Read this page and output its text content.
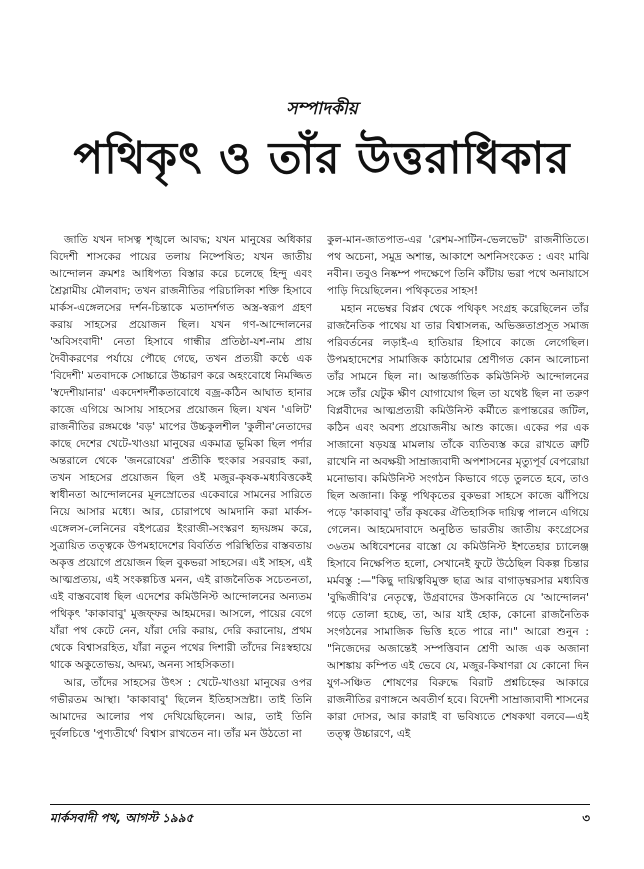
সম্পাদকীয়
পথিকৃৎ ও তাঁর উত্তরাধিকার

জাতি যখন দাসত্ব শৃঙ্খলে আবদ্ধ; যখন মানুষের অধিকার বিদেশী শাসকের পায়ের তলায় নিষ্পেষিত; যখন জাতীয় আন্দোলন ক্রমশঃ আধিপত্য বিস্তার করে চলেছে হিন্দু এবং শ্রৈস্লামীয় মৌলবাদ; তখন রাজনীতির পরিচালিকা শক্তি হিসাবে মার্কস-এঙ্গেলসের দর্শন-চিন্তাকে মতাদর্শগত অস্ত্র-স্বরূপ গ্রহণ করায় সাহসের প্রয়োজন ছিল। যখন গণ-আন্দোলনের 'অবিসংবাদী' নেতা হিসাবে গান্ধীর প্রতিষ্ঠা-যশ-নাম প্রায় দৈবীকরণের পর্যায়ে পৌছে গেছে, তখন প্রত্যয়ী কণ্ঠে এক 'বিদেশী' মতবাদকে সোচ্চারে উচ্চারণ করে অহংবোধে নিমজ্জিত 'স্বদেশীয়ানার' একদেশদর্শীকতাবোধে বজ্র-কঠিন আঘাত হানার কাজে এগিয়ে আসায় সাহসের প্রয়োজন ছিল। যখন 'এলিট' রাজনীতির রঙ্গমঞ্চে 'বড়' মাপের উচ্চকুলশীল 'কুলীন'নেতাদের কাছে দেশের খেটে-খাওয়া মানুষের একমাত্র ভূমিকা ছিল পর্দার অন্তরালে থেকে 'জনরোষের' প্রতীকি হুংকার সরবরাহ করা, তখন সাহসের প্রয়োজন ছিল ওই মজুর-কৃষক-মধ্যবিত্তকেই স্বাধীনতা আন্দোলনের মূলস্রোতের একেবারে সামনের সারিতে নিয়ে আসার মধ্যে। আর, চোরাপথে আমদানি করা মার্কস-এঙ্গেলস-লেনিনের বইপত্রের ইংরাজী-সংস্করণ হৃদয়ঙ্গম করে, সুত্রায়িত তত্ত্বকে উপমহাদেশের বিবর্তিত পরিস্থিতির বাস্তবতায় অকৃত্ত প্রয়োগে প্রয়োজন ছিল বুকভরা সাহসের। এই সাহস, এই আত্মপ্রত্যয়, এই সংকল্পচিত্ত মনন, এই রাজনৈতিক সচেতনতা, এই বাস্তববোধ ছিল এদেশের কমিউনিস্ট আন্দোলনের অন্যতম পথিকৃৎ 'কাকাবাবু' মুজফ্ফর আহমদের। আসলে, পায়ের বেগে যাঁরা পথ কেটে নেন, যাঁরা দেরি করায়, দেরি করানোয়, প্রথম থেকে বিশ্বাসরহিত, যাঁরা নতুন পথের দিশারী তাঁদের নিঃস্বহায়ে থাকে অকুতোভয়, অদম্য, অনন্য সাহসিকতা।

আর, তাঁদের সাহসের উৎস : খেটে-খাওয়া মানুষের ওপর গভীরতম আস্থা। 'কাকাবাবু' ছিলেন ইতিহাসস্রষ্টা। তাই তিনি আমাদের আলোর পথ দেখিয়েছিলেন। আর, তাই তিনি দুর্বলচিত্তে 'পুণ্যতীর্থে' বিশ্বাস রাখতেন না। তাঁর মন উঠতো না

কুল-মান-জাতপাত-এর 'রেশম-সাটিন-ভেলভেট' রাজনীতিতে। পথ অচেনা, সমুদ্র অশান্ত, আকাশে অশনিসংকেত : এবং মাঝি নবীন। তবুও নিষ্কম্প পদক্ষেপে তিনি কাঁটায় ভরা পথে অনায়াসে পাড়ি দিয়েছিলেন। পথিকৃতের সাহস!

মহান নভেম্বর বিপ্লব থেকে পথিকৃৎ সংগ্রহ করেছিলেন তাঁর রাজনৈতিক পাথেয় যা তার বিশ্বাসলব্ধ, অভিজ্ঞতাপ্রসূত সমাজ পরিবর্তনের লড়াই-এ হাতিয়ার হিসাবে কাজে লেগেছিল। উপমহাদেশের সামাজিক কাঠামোর শ্রেণীগত কোন আলোচনা তাঁর সামনে ছিল না। আন্তর্জাতিক কমিউনিস্ট আন্দোলনের সঙ্গে তাঁর যেটুক ক্ষীণ যোগাযোগ ছিল তা যথেষ্ট ছিল না তরুণ বিপ্লবীদের আত্মপ্রত্যয়ী কমিউনিস্ট কর্মীতে রূপান্তরের জটিল, কঠিন এবং অবশ্য প্রয়োজনীয় আশু কাজে। একের পর এক সাজানো ষড়যন্ত্র মামলায় তাঁকে ব্যতিব্যস্ত করে রাখতে ত্রুটি রাখেনি না অবক্ষয়ী সাম্রাজ্যবাদী অপশাসনের মৃত্যুপূর্ব বেপরোয়া মনোভাব। কমিউনিস্ট সংগঠন কিভাবে গড়ে তুলতে হবে, তাও ছিল অজানা। কিন্তু পথিকৃতের বুকভরা সাহসে কাজে ঝাঁপিয়ে পড়ে 'কাকাবাবু' তাঁর কৃষকের ঐতিহাসিক দায়িত্ব পালনে এগিয়ে গেলেন। আহমেদাবাদে অনুষ্ঠিত ভারতীয় জাতীয় কংগ্রেসের ৩৬তম অধিবেশনের বাস্তো যে কমিউনিস্ট ইশতেহার চ্যালেঞ্জ হিসাবে নিক্ষেপিত হলো, সেখানেই ফুটে উঠেছিল বিকল্প চিন্তার মর্মবস্তু :—"কিছু দায়িত্ববিমুক্ত ছাত্র আর বাগাড়ম্বরসার মধ্যবিত্ত 'বুদ্ধিজীবি'র নেতৃত্বে, উগ্রবাদের উসকানিতে যে 'আন্দোলন' গড়ে তোলা হচ্ছে, তা, আর যাই হোক, কোনো রাজনৈতিক সংগঠনের সামাজিক ভিত্তি হতে পারে না।" আরো শুনুন : "নিজেদের অজান্তেই সম্পত্তিবান শ্রেণী আজ এক অজানা আশঙ্কায় কম্পিত এই ভেবে যে, মজুর-কিষাণরা যে কোনো দিন যুগ-সঞ্চিত শোষণের বিরুদ্ধে বিরাট প্রশ্নচিহ্নের আকারে রাজনীতির রণাঙ্গনে অবতীর্ণ হবে। বিদেশী সাম্রাজ্যবাদী শাসনের কারা দোসর, আর কারাই বা ভবিষ্যতে শেষকথা বলবে—এই তত্ত্ব উচ্চারণে, এই

মার্কসবাদী পথ, আগস্ট ১৯৯৫	৩
